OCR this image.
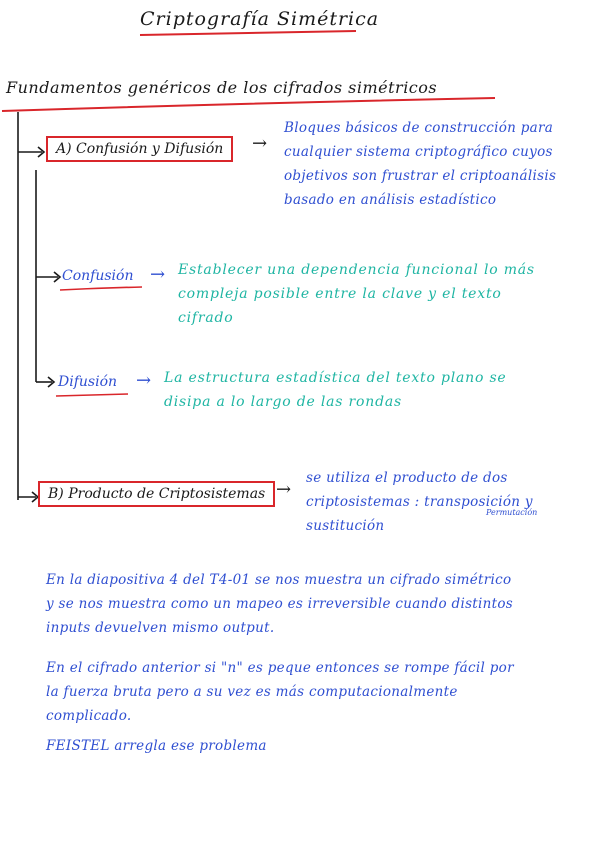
Criptografía Simétrica
Fundamentos genéricos de los cifrados simétricos
A) Confusión y Difusión	→
Bloques básicos de construcción para
cualquier sistema criptográfico cuyos
objetivos son frustrar el criptoanálisis
basado en análisis estadístico
Confusión → Establecer una dependencia funcional lo más
compleja posible entre la clave y el texto
cifrado
Difusión → La estructura estadística del texto plano se
disipa a lo largo de las rondas
B) Producto de Criptosistemas →
se utiliza el producto de dos
criptosistemas : transposición y
sustitución
Permutación
En la diapositiva 4 del T4-01 se nos muestra un cifrado simétrico
y se nos muestra como un mapeo es irreversible cuando distintos
inputs devuelven mismo output.
En el cifrado anterior si "n" es peque entonces se rompe fácil por
la fuerza bruta pero a su vez es más computacionalmente
complicado.
FEISTEL arregla ese problema
